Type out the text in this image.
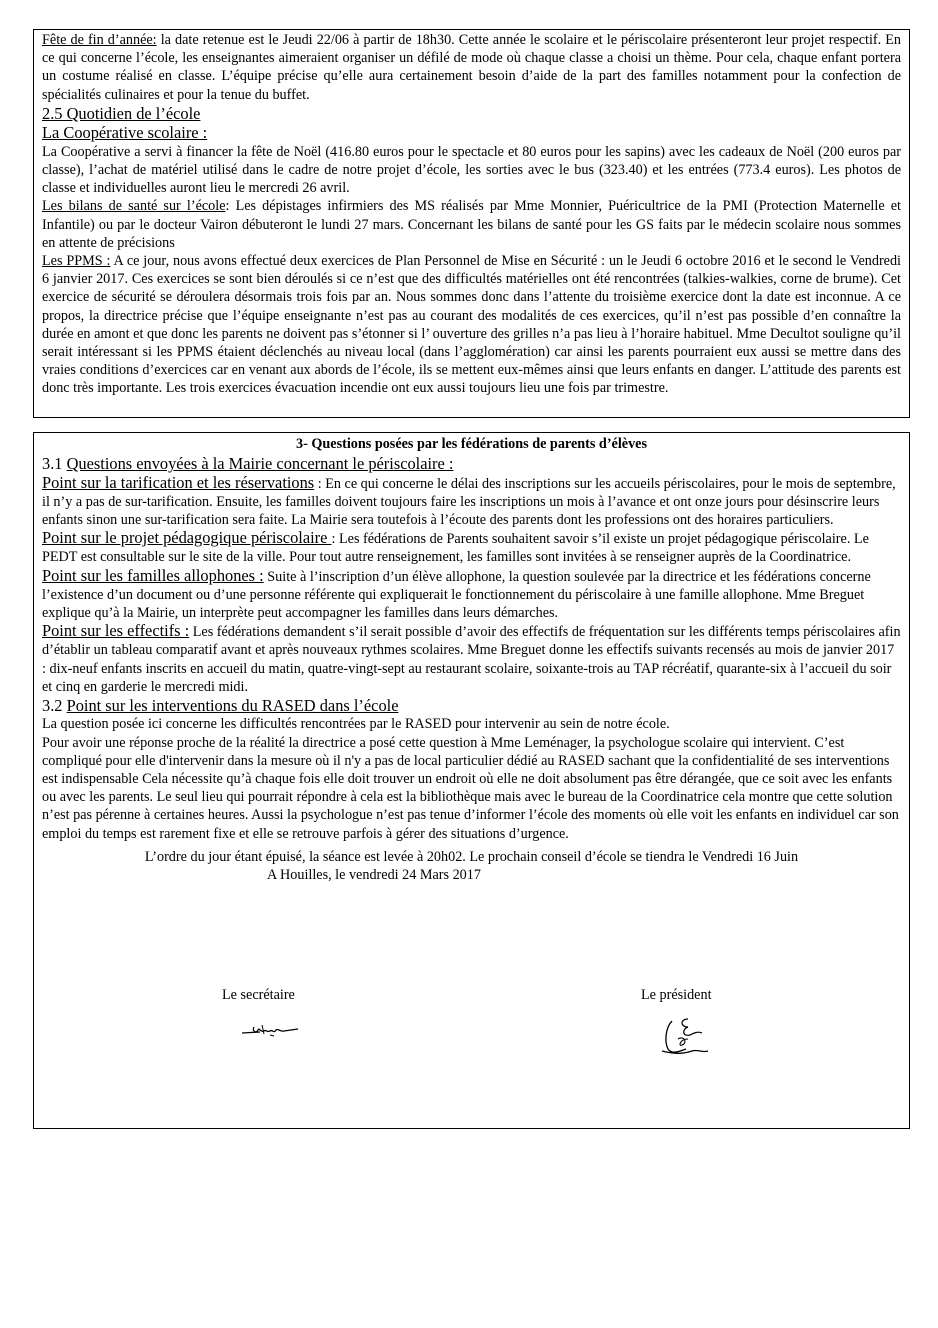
Fête de fin d’année: la date retenue est le Jeudi 22/06 à partir de 18h30. Cette année le scolaire et le périscolaire présenteront leur projet respectif. En ce qui concerne l’école, les enseignantes aimeraient organiser un défilé de mode où chaque classe a choisi un thème. Pour cela, chaque enfant portera un costume réalisé en classe. L’équipe précise qu’elle aura certainement besoin d’aide de la part des familles notamment pour la confection de spécialités culinaires et pour la tenue du buffet.

2.5 Quotidien de l’école

La Coopérative scolaire :

La Coopérative a servi à financer la fête de Noël (416.80 euros pour le spectacle et 80 euros pour les sapins) avec les cadeaux de Noël (200 euros par classe), l’achat de matériel utilisé dans le cadre de notre projet d’école, les sorties avec le bus (323.40) et les entrées (773.4 euros). Les photos de classe et individuelles auront lieu le mercredi 26 avril.

Les bilans de santé sur l’école: Les dépistages infirmiers des MS réalisés par Mme Monnier, Puéricultrice de la PMI (Protection Maternelle et Infantile) ou par le docteur Vairon débuteront le lundi 27 mars. Concernant les bilans de santé pour les GS faits par le médecin scolaire nous sommes en attente de précisions

Les PPMS : A ce jour, nous avons effectué deux exercices de Plan Personnel de Mise en Sécurité : un le Jeudi 6 octobre 2016 et le second le Vendredi 6 janvier 2017. Ces exercices se sont bien déroulés si ce n’est que des difficultés matérielles ont été rencontrées (talkies-walkies, corne de brume). Cet exercice de sécurité se déroulera désormais trois fois par an. Nous sommes donc dans l’attente du troisième exercice dont la date est inconnue. A ce propos, la directrice précise que l’équipe enseignante n’est pas au courant des modalités de ces exercices, qu’il n’est pas possible d’en connaître la durée en amont et que donc les parents ne doivent pas s’étonner si l’ ouverture des grilles n’a pas lieu à l’horaire habituel. Mme Decultot souligne qu’il serait intéressant si les PPMS étaient déclenchés au niveau local (dans l’agglomération) car ainsi les parents pourraient eux aussi se mettre dans des vraies conditions d’exercices car en venant aux abords de l’école, ils se mettent eux-mêmes ainsi que leurs enfants en danger. L’attitude des parents est donc très importante. Les trois exercices évacuation incendie ont eux aussi toujours lieu une fois par trimestre.

3- Questions posées par les fédérations de parents d’élèves

3.1 Questions envoyées à la Mairie concernant le périscolaire :

Point sur la tarification et les réservations : En ce qui concerne le délai des inscriptions sur les accueils périscolaires, pour le mois de septembre, il n’y a pas de sur-tarification. Ensuite, les familles doivent toujours faire les inscriptions un mois à l’avance et ont onze jours pour désinscrire leurs enfants sinon une sur-tarification sera faite. La Mairie sera toutefois à l’écoute des parents dont les professions ont des horaires particuliers.

Point sur le projet pédagogique périscolaire : Les fédérations de Parents souhaitent savoir s’il existe un projet pédagogique périscolaire. Le PEDT est consultable sur le site de la ville. Pour tout autre renseignement, les familles sont invitées à se renseigner auprès de la Coordinatrice.

Point sur les familles allophones : Suite à l’inscription d’un élève allophone, la question soulevée par la directrice et les fédérations concerne l’existence d’un document ou d’une personne référente qui expliquerait le fonctionnement du périscolaire à une famille allophone. Mme Breguet explique qu’à la Mairie, un interprète peut accompagner les familles dans leurs démarches.

Point sur les effectifs : Les fédérations demandent s’il serait possible d’avoir des effectifs de fréquentation sur les différents temps périscolaires afin d’établir un tableau comparatif avant et après nouveaux rythmes scolaires. Mme Breguet donne les effectifs suivants recensés au mois de janvier 2017 : dix-neuf enfants inscrits en accueil du matin, quatre-vingt-sept au restaurant scolaire, soixante-trois au TAP récréatif, quarante-six à l’accueil du soir et cinq en garderie le mercredi midi.

3.2 Point sur les interventions du RASED dans l’école

La question posée ici concerne les difficultés rencontrées par le RASED pour intervenir au sein de notre école.

Pour avoir une réponse proche de la réalité la directrice a posé cette question à Mme Leménager, la psychologue scolaire qui intervient. C’est compliqué pour elle d'intervenir dans la mesure où il n'y a pas de local particulier dédié au RASED sachant que la confidentialité de ses interventions est indispensable Cela nécessite qu’à chaque fois elle doit trouver un endroit où elle ne doit absolument pas être dérangée, que ce soit avec les enfants ou avec les parents. Le seul lieu qui pourrait répondre à cela est la bibliothèque mais avec le bureau de la Coordinatrice cela montre que cette solution n’est pas pérenne à certaines heures. Aussi la psychologue n’est pas tenue d’informer l’école des moments où elle voit les enfants en individuel car son emploi du temps est rarement fixe et elle se retrouve parfois à gérer des situations d’urgence.

L’ordre du jour étant épuisé, la séance est levée à 20h02. Le prochain conseil d’école se tiendra le Vendredi 16 Juin

A Houilles, le vendredi 24 Mars 2017

Le secrétaire	Le président
